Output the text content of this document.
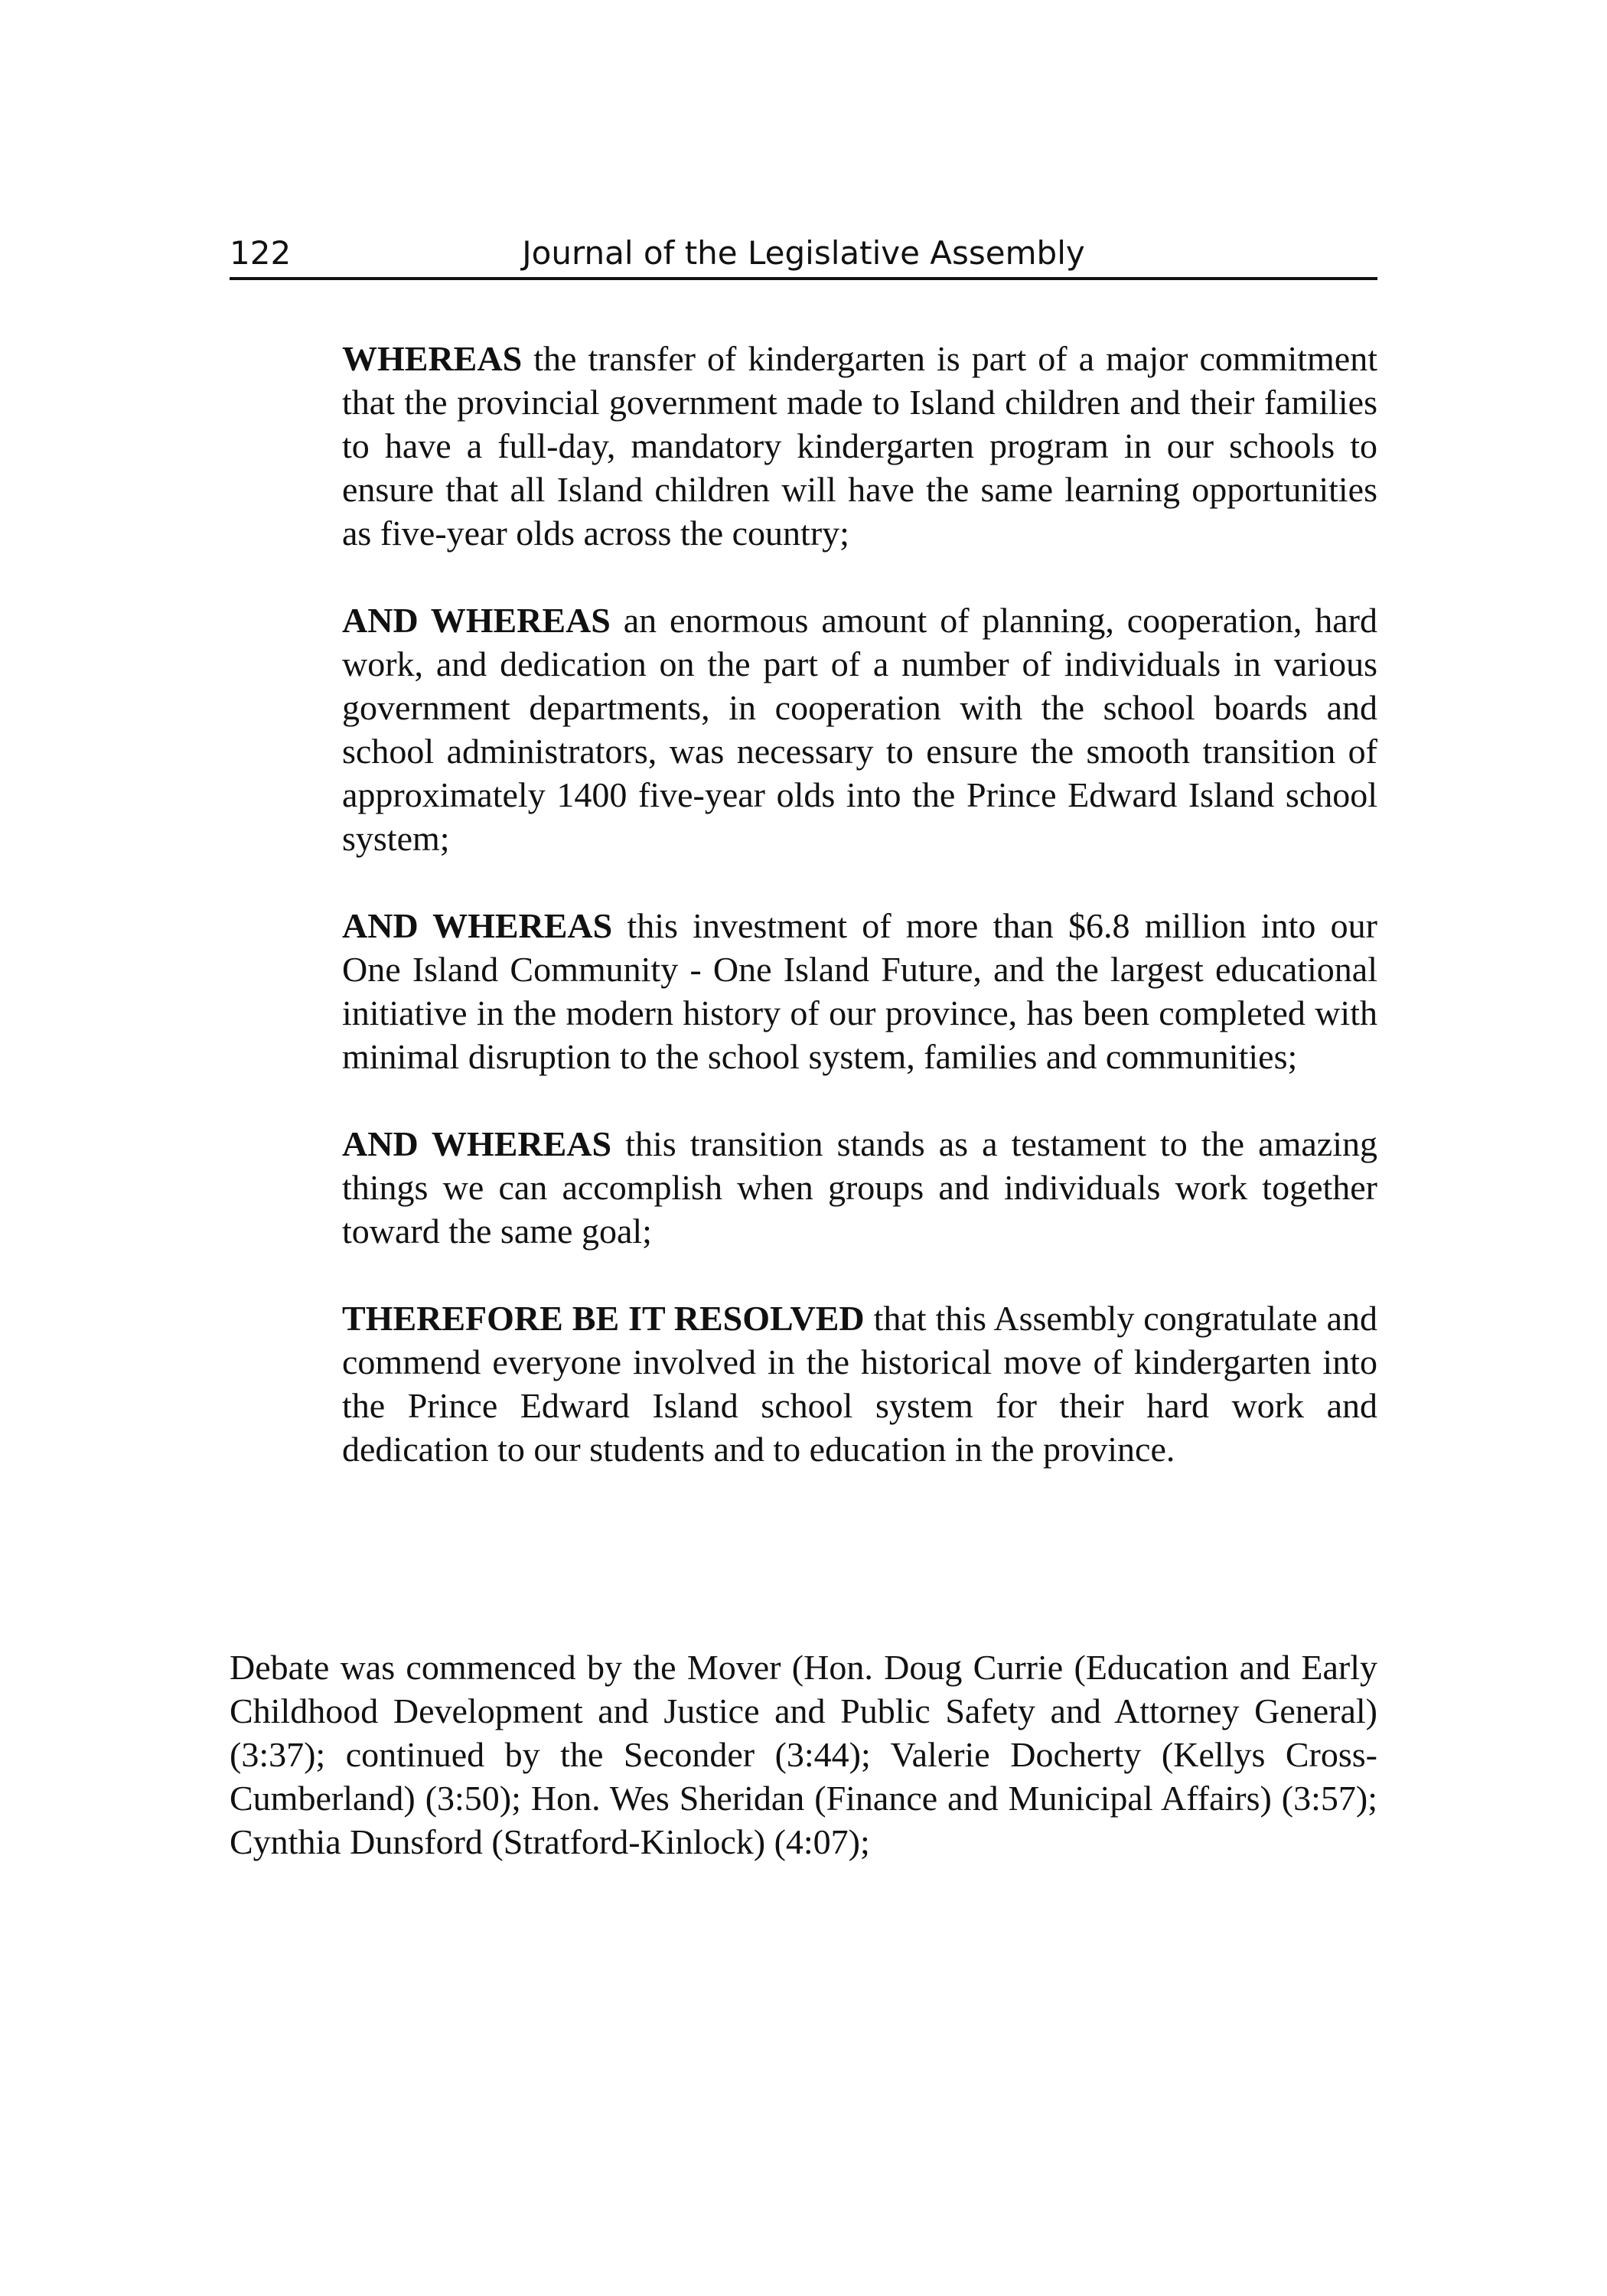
122	Journal of the Legislative Assembly

WHEREAS the transfer of kindergarten is part of a major commitment that the provincial government made to Island children and their families to have a full-day, mandatory kindergarten program in our schools to ensure that all Island children will have the same learning opportunities as five-year olds across the country;

AND WHEREAS an enormous amount of planning, cooperation, hard work, and dedication on the part of a number of individuals in various government departments, in cooperation with the school boards and school administrators, was necessary to ensure the smooth transition of approximately 1400 five-year olds into the Prince Edward Island school system;

AND WHEREAS this investment of more than $6.8 million into our One Island Community - One Island Future, and the largest educational initiative in the modern history of our province, has been completed with minimal disruption to the school system, families and communities;

AND WHEREAS this transition stands as a testament to the amazing things we can accomplish when groups and individuals work together toward the same goal;

THEREFORE BE IT RESOLVED that this Assembly congratulate and commend everyone involved in the historical move of kindergarten into the Prince Edward Island school system for their hard work and dedication to our students and to education in the province.

Debate was commenced by the Mover (Hon. Doug Currie (Education and Early Childhood Development and Justice and Public Safety and Attorney General) (3:37); continued by the Seconder (3:44); Valerie Docherty (Kellys Cross-Cumberland) (3:50); Hon. Wes Sheridan (Finance and Municipal Affairs) (3:57); Cynthia Dunsford (Stratford-Kinlock) (4:07);
